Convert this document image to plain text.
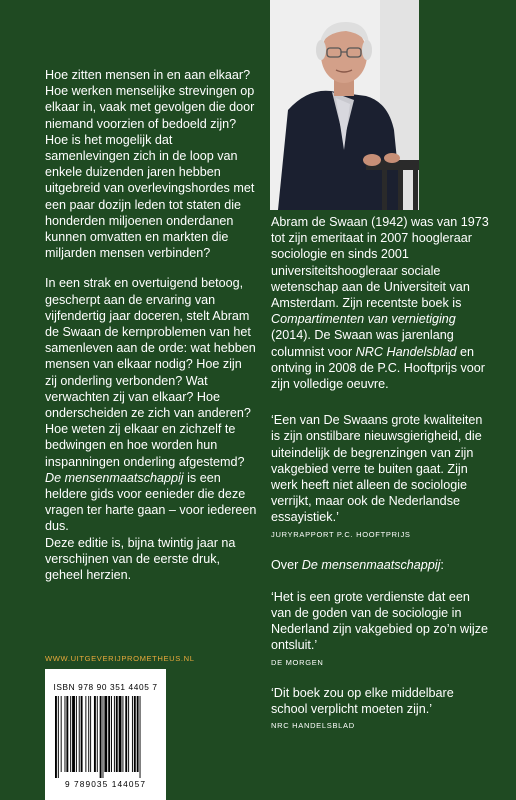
Hoe zitten mensen in en aan elkaar? Hoe werken menselijke strevingen op elkaar in, vaak met gevolgen die door niemand voorzien of bedoeld zijn? Hoe is het mogelijk dat samenlevingen zich in de loop van enkele duizenden jaren hebben uitgebreid van overlevingshordes met een paar dozijn leden tot staten die honderden miljoenen onderdanen kunnen omvatten en markten die miljarden mensen verbinden?

In een strak en overtuigend betoog, gescherpt aan de ervaring van vijfendertig jaar doceren, stelt Abram de Swaan de kernproblemen van het samenleven aan de orde: wat hebben mensen van elkaar nodig? Hoe zijn zij onderling verbonden? Wat verwachten zij van elkaar? Hoe onderscheiden ze zich van anderen? Hoe weten zij elkaar en zichzelf te bedwingen en hoe worden hun inspanningen onderling afgestemd? De mensenmaatschappij is een heldere gids voor eenieder die deze vragen ter harte gaan – voor iedereen dus.

Deze editie is, bijna twintig jaar na verschijnen van de eerste druk, geheel herzien.

Abram de Swaan (1942) was van 1973 tot zijn emeritaat in 2007 hoogleraar sociologie en sinds 2001 universiteitshoogleraar sociale wetenschap aan de Universiteit van Amsterdam. Zijn recentste boek is Compartimenten van vernietiging (2014). De Swaan was jarenlang columnist voor NRC Handelsblad en ontving in 2008 de P.C. Hooftprijs voor zijn volledige oeuvre.

‘Een van De Swaans grote kwaliteiten is zijn onstilbare nieuwsgierigheid, die uiteindelijk de begrenzingen van zijn vakgebied verre te buiten gaat. Zijn werk heeft niet alleen de sociologie verrijkt, maar ook de Nederlandse essayistiek.’

JURYRAPPORT P.C. HOOFTPRIJS

Over De mensenmaatschappij:

‘Het is een grote verdienste dat een van de goden van de sociologie in Nederland zijn vakgebied op zo’n wijze ontsluit.’

DE MORGEN

‘Dit boek zou op elke middelbare school verplicht moeten zijn.’

NRC HANDELSBLAD

WWW.UITGEVERIJPROMETHEUS.NL
ISBN 978 90 351 4405 7
9 789035 144057
